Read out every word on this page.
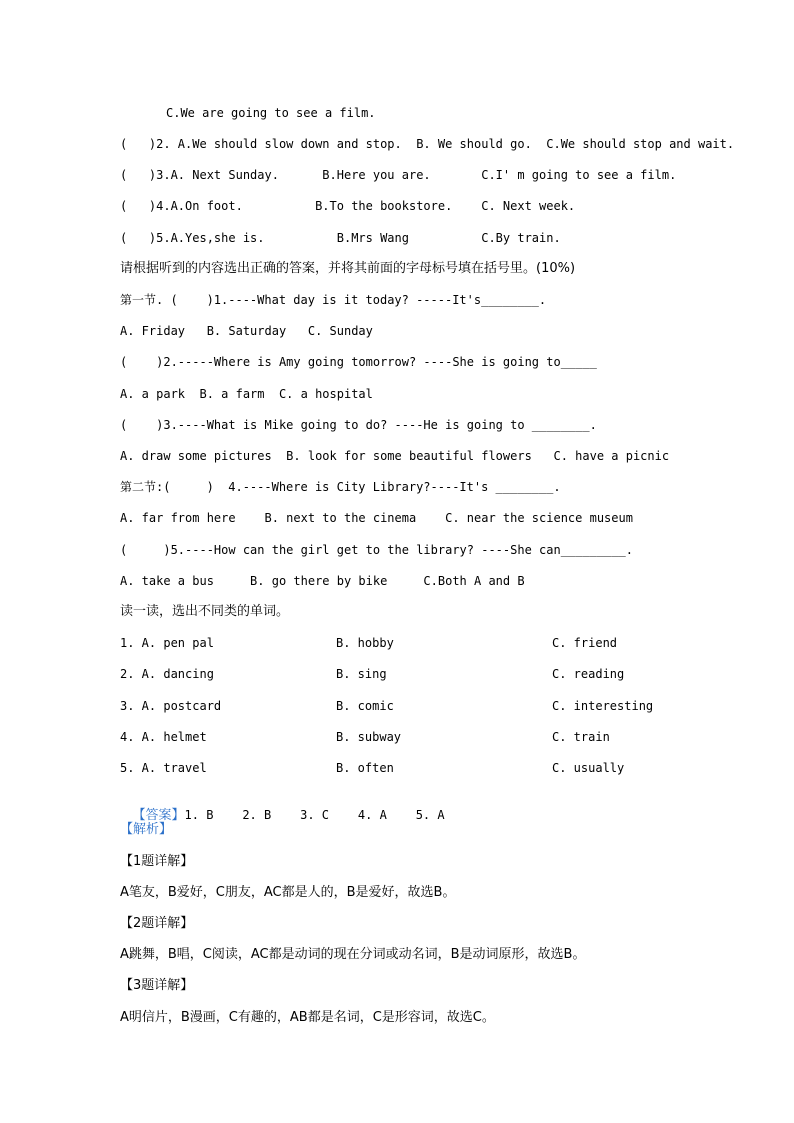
C.We are going to see a film.
(   )2. A.We should slow down and stop.  B. We should go.  C.We should stop and wait.
(   )3.A. Next Sunday.      B.Here you are.       C.I' m going to see a film.
(   )4.A.On foot.          B.To the bookstore.    C. Next week.
(   )5.A.Yes,she is.          B.Mrs Wang          C.By train.
请根据听到的内容选出正确的答案，并将其前面的字母标号填在括号里。(10%)
第一节. (    )1.----What day is it today? -----It's________.
A. Friday   B. Saturday   C. Sunday
(    )2.-----Where is Amy going tomorrow? ----She is going to_____
A. a park  B. a farm  C. a hospital
(    )3.----What is Mike going to do? ----He is going to ________.
A. draw some pictures  B. look for some beautiful flowers   C. have a picnic
第二节:(     )  4.----Where is City Library?----It's ________.
A. far from here    B. next to the cinema    C. near the science museum
(     )5.----How can the girl get to the library? ----She can_________.
A. take a bus     B. go there by bike     C.Both A and B
读一读，选出不同类的单词。
1. A. pen pal	B. hobby	C. friend
2. A. dancing	B. sing	C. reading
3. A. postcard	B. comic	C. interesting
4. A. helmet	B. subway	C. train
5. A. travel	B. often	C. usually

【答案】1. B    2. B    3. C    4. A    5. A

【解析】
【1题详解】
A笔友，B爱好，C朋友，AC都是人的，B是爱好，故选B。
【2题详解】
A跳舞，B唱，C阅读，AC都是动词的现在分词或动名词，B是动词原形，故选B。
【3题详解】
A明信片，B漫画，C有趣的，AB都是名词，C是形容词，故选C。
